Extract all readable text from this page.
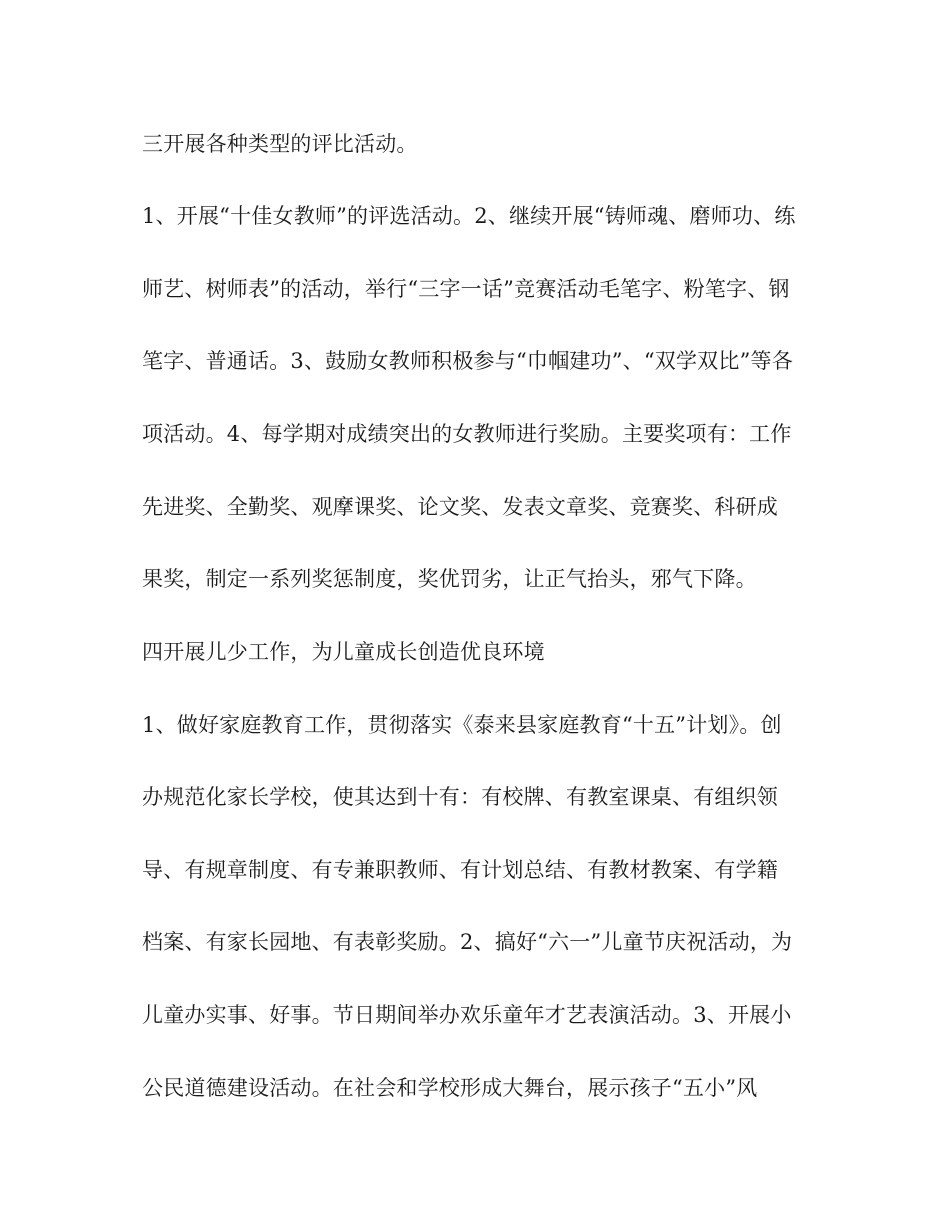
三开展各种类型的评比活动。
1、开展“十佳女教师”的评选活动。2、继续开展“铸师魂、磨师功、练
师艺、树师表”的活动，举行“三字一话”竞赛活动毛笔字、粉笔字、钢
笔字、普通话。3、鼓励女教师积极参与“巾帼建功”、“双学双比”等各
项活动。4、每学期对成绩突出的女教师进行奖励。主要奖项有：工作
先进奖、全勤奖、观摩课奖、论文奖、发表文章奖、竞赛奖、科研成
果奖，制定一系列奖惩制度，奖优罚劣，让正气抬头，邪气下降。
四开展儿少工作，为儿童成长创造优良环境
1、做好家庭教育工作，贯彻落实《泰来县家庭教育“十五”计划》。创
办规范化家长学校，使其达到十有：有校牌、有教室课桌、有组织领
导、有规章制度、有专兼职教师、有计划总结、有教材教案、有学籍
档案、有家长园地、有表彰奖励。2、搞好“六一”儿童节庆祝活动，为
儿童办实事、好事。节日期间举办欢乐童年才艺表演活动。3、开展小
公民道德建设活动。在社会和学校形成大舞台，展示孩子“五小”风
